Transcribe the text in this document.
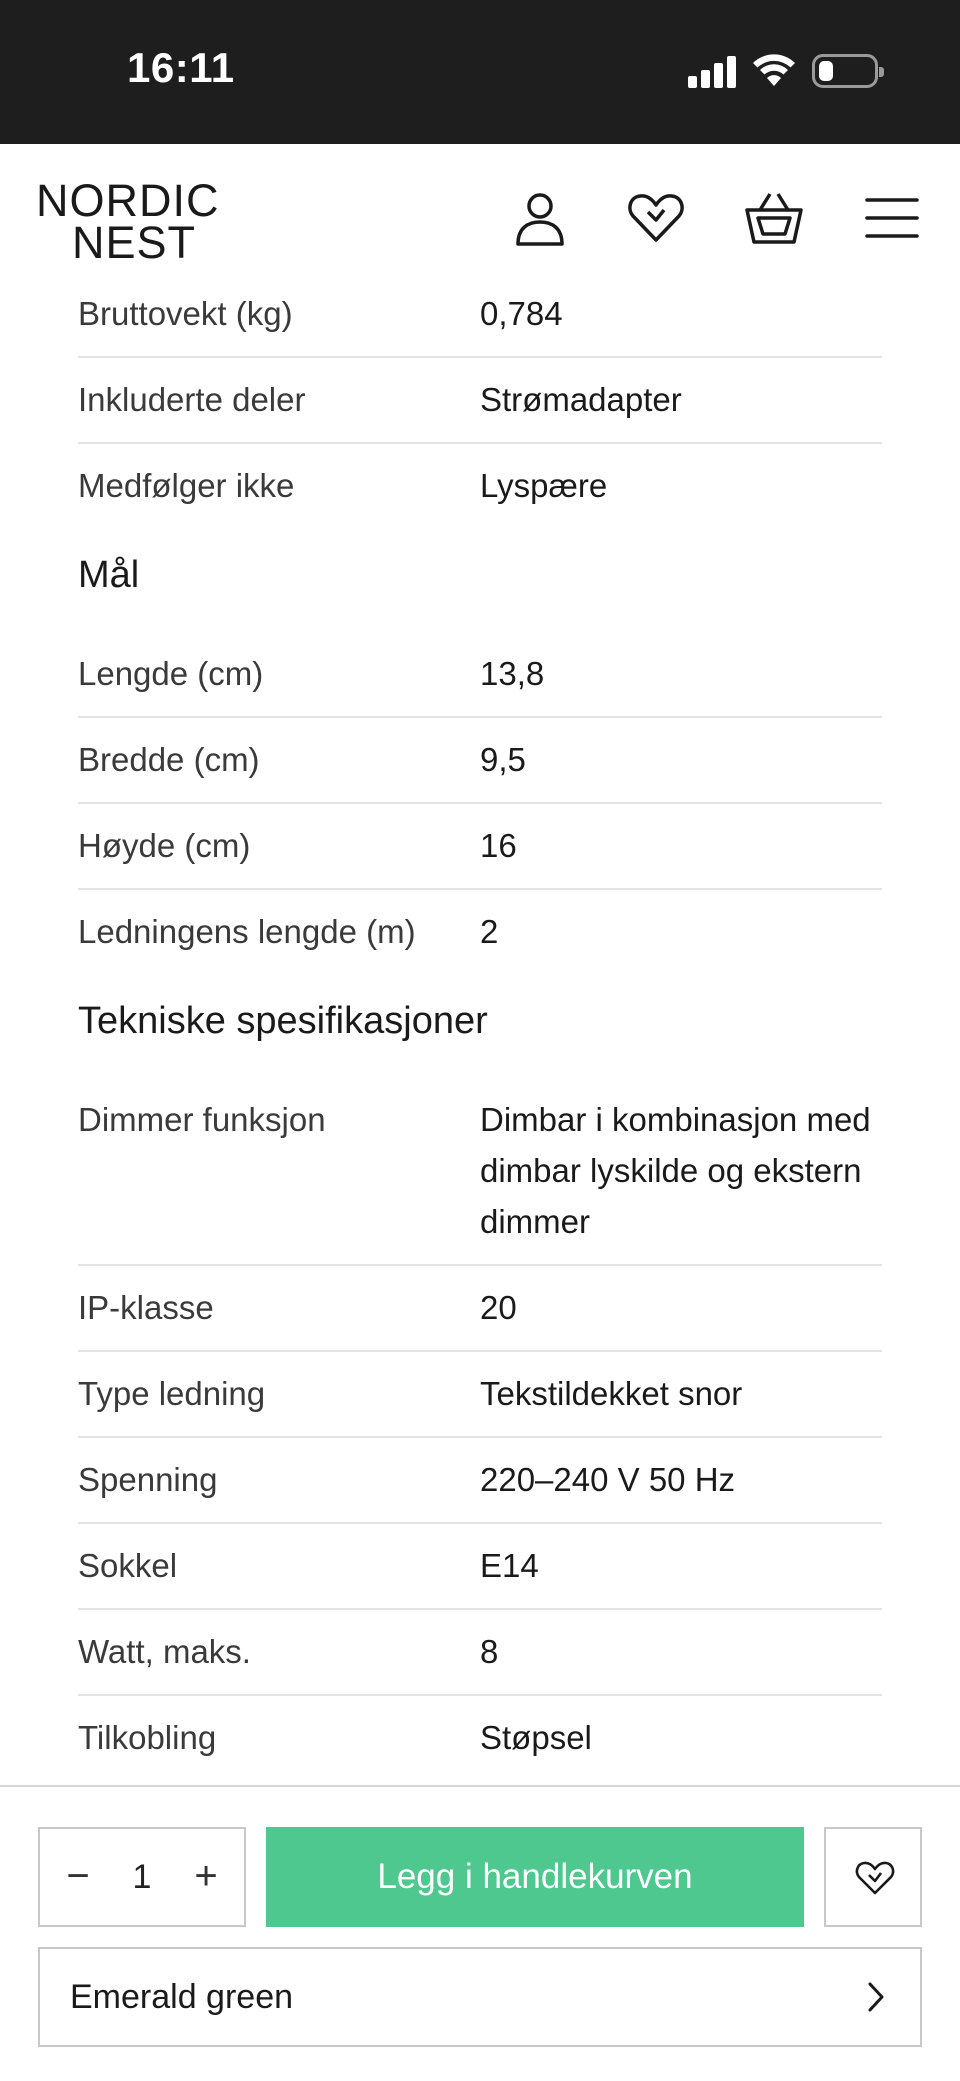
16:11
NORDIC
NEST
Bruttovekt (kg)	0,784
Inkluderte deler	Strømadapter
Medfølger ikke	Lyspære
Mål
Lengde (cm)	13,8
Bredde (cm)	9,5
Høyde (cm)	16
Ledningens lengde (m)	2
Tekniske spesifikasjoner
Dimmer funksjon	Dimbar i kombinasjon med dimbar lyskilde og ekstern dimmer
IP-klasse	20
Type ledning	Tekstildekket snor
Spenning	220–240 V 50 Hz
Sokkel	E14
Watt, maks.	8
Tilkobling	Støpsel
−	1	+	Legg i handlekurven
Emerald green
